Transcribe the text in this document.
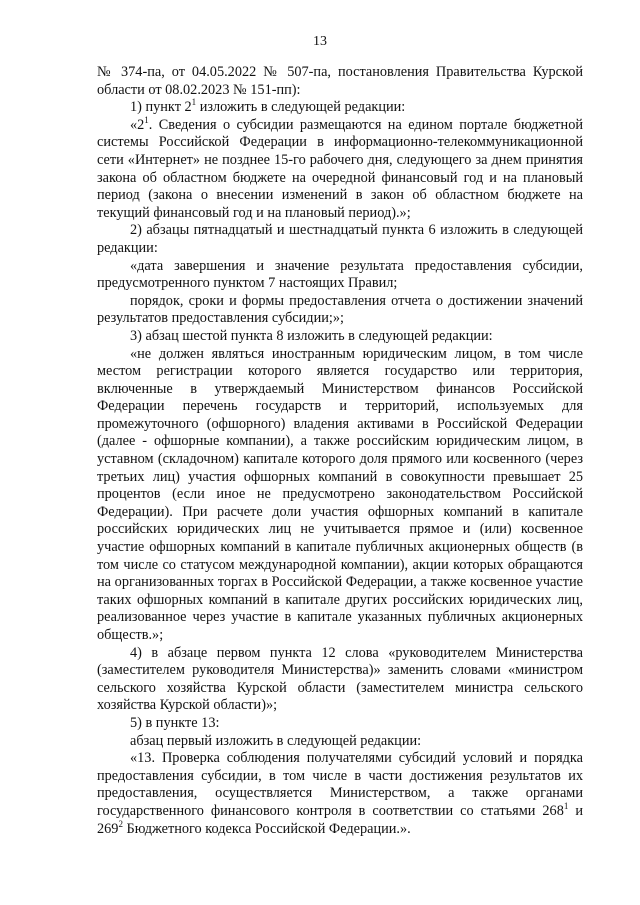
13

№ 374-па, от 04.05.2022 № 507-па, постановления Правительства Курской области от 08.02.2023 № 151-пп):

1) пункт $2^1$ изложить в следующей редакции:

«$2^1$. Сведения о субсидии размещаются на едином портале бюджетной системы Российской Федерации в информационно-телекоммуникационной сети «Интернет» не позднее 15-го рабочего дня, следующего за днем принятия закона об областном бюджете на очередной финансовый год и на плановый период (закона о внесении изменений в закон об областном бюджете на текущий финансовый год и на плановый период).»;

2) абзацы пятнадцатый и шестнадцатый пункта 6 изложить в следующей редакции:

«дата завершения и значение результата предоставления субсидии, предусмотренного пунктом 7 настоящих Правил;

порядок, сроки и формы предоставления отчета о достижении значений результатов предоставления субсидии;»;

3) абзац шестой пункта 8 изложить в следующей редакции:

«не должен являться иностранным юридическим лицом, в том числе местом регистрации которого является государство или территория, включенные в утверждаемый Министерством финансов Российской Федерации перечень государств и территорий, используемых для промежуточного (офшорного) владения активами в Российской Федерации (далее - офшорные компании), а также российским юридическим лицом, в уставном (складочном) капитале которого доля прямого или косвенного (через третьих лиц) участия офшорных компаний в совокупности превышает 25 процентов (если иное не предусмотрено законодательством Российской Федерации). При расчете доли участия офшорных компаний в капитале российских юридических лиц не учитывается прямое и (или) косвенное участие офшорных компаний в капитале публичных акционерных обществ (в том числе со статусом международной компании), акции которых обращаются на организованных торгах в Российской Федерации, а также косвенное участие таких офшорных компаний в капитале других российских юридических лиц, реализованное через участие в капитале указанных публичных акционерных обществ.»;

4) в абзаце первом пункта 12 слова «руководителем Министерства (заместителем руководителя Министерства)» заменить словами «министром сельского хозяйства Курской области (заместителем министра сельского хозяйства Курской области)»;

5) в пункте 13:

абзац первый изложить в следующей редакции:

«13. Проверка соблюдения получателями субсидий условий и порядка предоставления субсидии, в том числе в части достижения результатов их предоставления, осуществляется Министерством, а также органами государственного финансового контроля в соответствии со статьями $268^1$ и $269^2$ Бюджетного кодекса Российской Федерации.».
